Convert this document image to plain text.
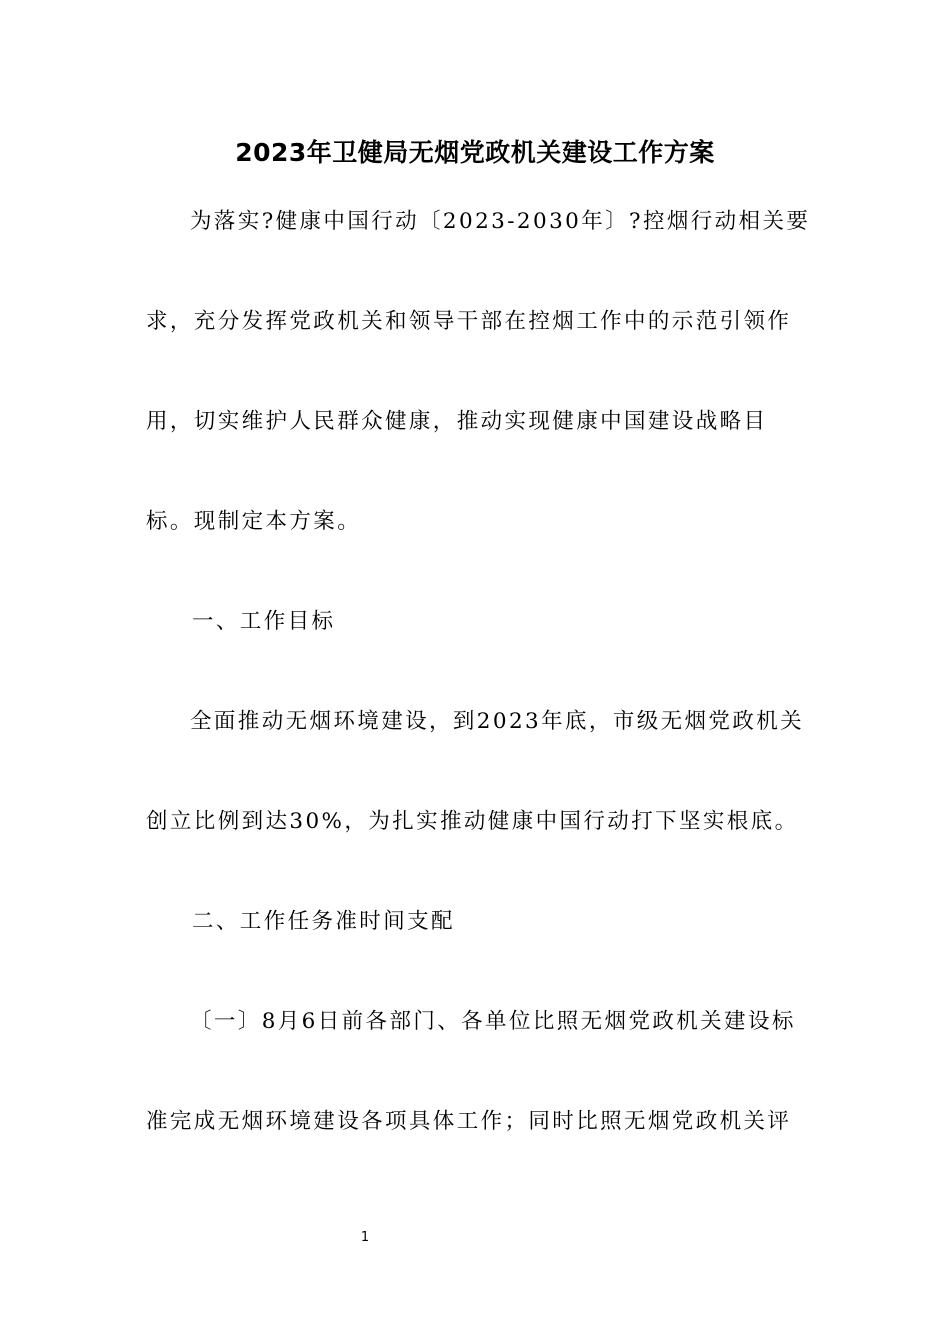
2023年卫健局无烟党政机关建设工作方案
为落实?健康中国行动〔2023-2030年〕?控烟行动相关要
求，充分发挥党政机关和领导干部在控烟工作中的示范引领作
用，切实维护人民群众健康，推动实现健康中国建设战略目
标。现制定本方案。
一、工作目标
全面推动无烟环境建设，到2023年底，市级无烟党政机关
创立比例到达30%，为扎实推动健康中国行动打下坚实根底。
二、工作任务准时间支配
〔一〕8月6日前各部门、各单位比照无烟党政机关建设标
准完成无烟环境建设各项具体工作；同时比照无烟党政机关评
1
